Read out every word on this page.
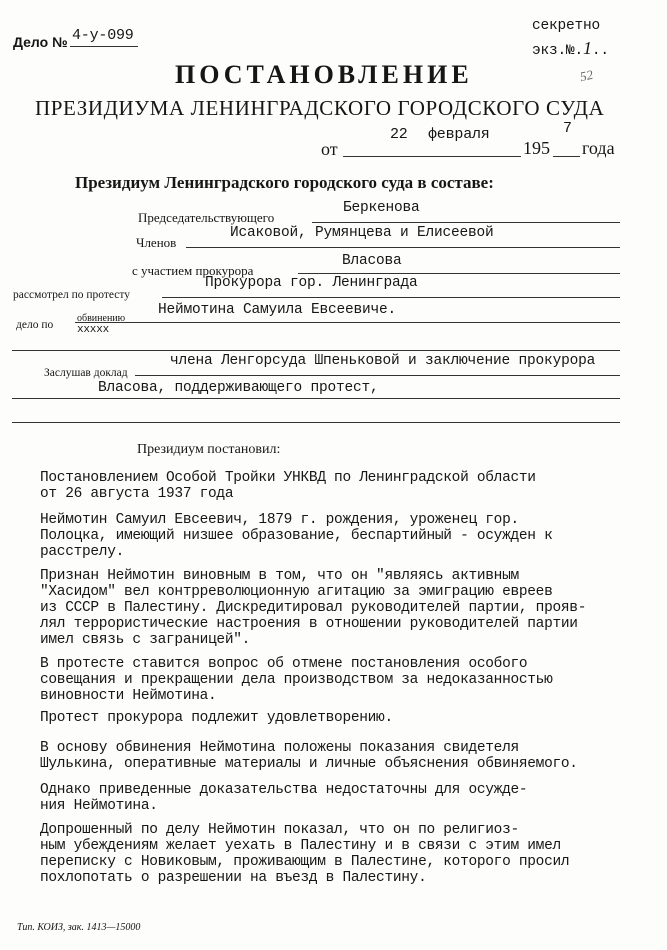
Дело № 4-у-099
секретно
экз.№.1..
52
ПОСТАНОВЛЕНИЕ
ПРЕЗИДИУМА ЛЕНИНГРАДСКОГО ГОРОДСКОГО СУДА
от
22 февраля
195
7
года
Президиум Ленинградского городского суда в составе:
Председательствующего
Беркенова
Членов
Исаковой, Румянцева и Елисеевой
с участием прокурора
Власова
рассмотрел по протесту
Прокурора гор. Ленинграда
дело по
обвинению
Неймотина Самуила Евсеевиче.
xxxxx
Заслушав доклад
члена Ленгорсуда Шпеньковой и заключение прокурора
Власова, поддерживающего протест,
Президиум постановил:
Постановлением Особой Тройки УНКВД по Ленинградской области
от 26 августа 1937 года
Неймотин Самуил Евсеевич, 1879 г. рождения, уроженец гор.
Полоцка, имеющий низшее образование, беспартийный - осужден к
расстрелу.
Признан Неймотин виновным в том, что он "являясь активным
"Хасидом" вел контрреволюционную агитацию за эмиграцию евреев
из СССР в Палестину. Дискредитировал руководителей партии, прояв-
лял террористические настроения в отношении руководителей партии
имел связь с заграницей".
В протесте ставится вопрос об отмене постановления особого
совещания и прекращении дела производством за недоказанностью
виновности Неймотина.
Протест прокурора подлежит удовлетворению.
В основу обвинения Неймотина положены показания свидетеля
Шулькина, оперативные материалы и личные объяснения обвиняемого.
Однако приведенные доказательства недостаточны для осужде-
ния Неймотина.
Допрошенный по делу Неймотин показал, что он по религиоз-
ным убеждениям желает уехать в Палестину и в связи с этим имел
переписку с Новиковым, проживающим в Палестине, которого просил
похлопотать о разрешении на въезд в Палестину.
Тип. КОИЗ, зак. 1413—15000
